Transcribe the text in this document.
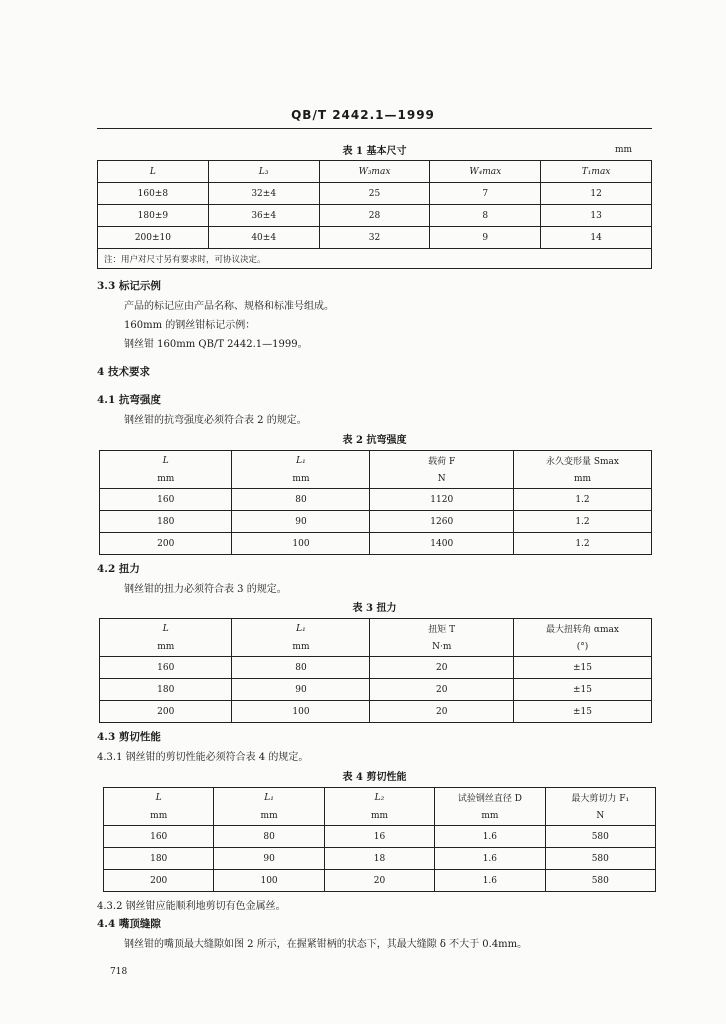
QB/T 2442.1—1999
表 1 基本尺寸	mm
L	L₃	W₃max	W₄max	T₁max
160±8	32±4	25	7	12
180±9	36±4	28	8	13
200±10	40±4	32	9	14
注：用户对尺寸另有要求时，可协议决定。				
3.3 标记示例
产品的标记应由产品名称、规格和标准号组成。
160mm 的钢丝钳标记示例：
钢丝钳 160mm QB/T 2442.1—1999。
4 技术要求
4.1 抗弯强度
钢丝钳的抗弯强度必须符合表 2 的规定。
表 2 抗弯强度
L	L₁	载荷 F	永久变形量 Smax
mm	mm	N	mm
160	80	1120	1.2
180	90	1260	1.2
200	100	1400	1.2
4.2 扭力
钢丝钳的扭力必须符合表 3 的规定。
表 3 扭力
L	L₁	扭矩 T	最大扭转角 αmax
mm	mm	N·m	(°)
160	80	20	±15
180	90	20	±15
200	100	20	±15
4.3 剪切性能
4.3.1 钢丝钳的剪切性能必须符合表 4 的规定。
表 4 剪切性能
L	L₁	L₂	试验钢丝直径 D	最大剪切力 F₁
mm	mm	mm	mm	N
160	80	16	1.6	580
180	90	18	1.6	580
200	100	20	1.6	580
4.3.2 钢丝钳应能顺利地剪切有色金属丝。
4.4 嘴顶缝隙
钢丝钳的嘴顶最大缝隙如图 2 所示，在握紧钳柄的状态下，其最大缝隙 δ 不大于 0.4mm。
718
